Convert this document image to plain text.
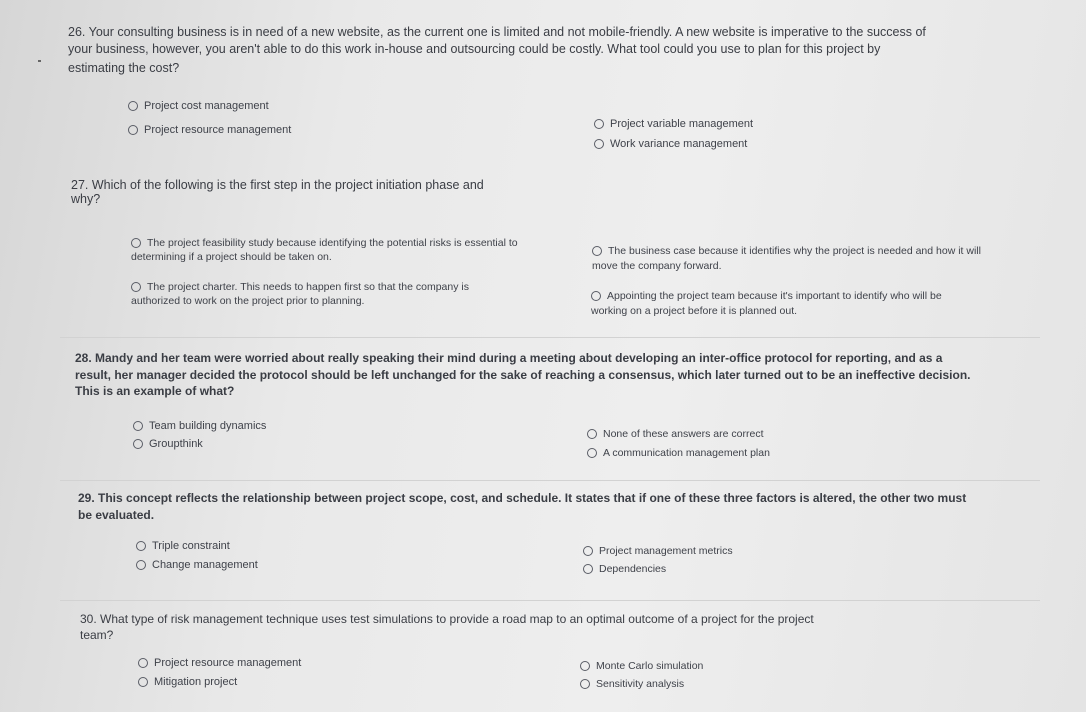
26. Your consulting business is in need of a new website, as the current one is limited and not mobile-friendly. A new website is imperative to the success of
your business, however, you aren't able to do this work in-house and outsourcing could be costly. What tool could you use to plan for this project by
estimating the cost?
Project cost management
Project resource management	Project variable management
Work variance management
27. Which of the following is the first step in the project initiation phase and
why?
The project feasibility study because identifying the potential risks is essential to
determining if a project should be taken on.
The project charter. This needs to happen first so that the company is
authorized to work on the project prior to planning.
The business case because it identifies why the project is needed and how it will
move the company forward.
Appointing the project team because it's important to identify who will be
working on a project before it is planned out.
28. Mandy and her team were worried about really speaking their mind during a meeting about developing an inter-office protocol for reporting, and as a
result, her manager decided the protocol should be left unchanged for the sake of reaching a consensus, which later turned out to be an ineffective decision.
This is an example of what?
Team building dynamics
Groupthink
None of these answers are correct
A communication management plan
29. This concept reflects the relationship between project scope, cost, and schedule. It states that if one of these three factors is altered, the other two must
be evaluated.
Triple constraint
Change management
Project management metrics
Dependencies
30. What type of risk management technique uses test simulations to provide a road map to an optimal outcome of a project for the project
team?
Project resource management
Mitigation project
Monte Carlo simulation
Sensitivity analysis
